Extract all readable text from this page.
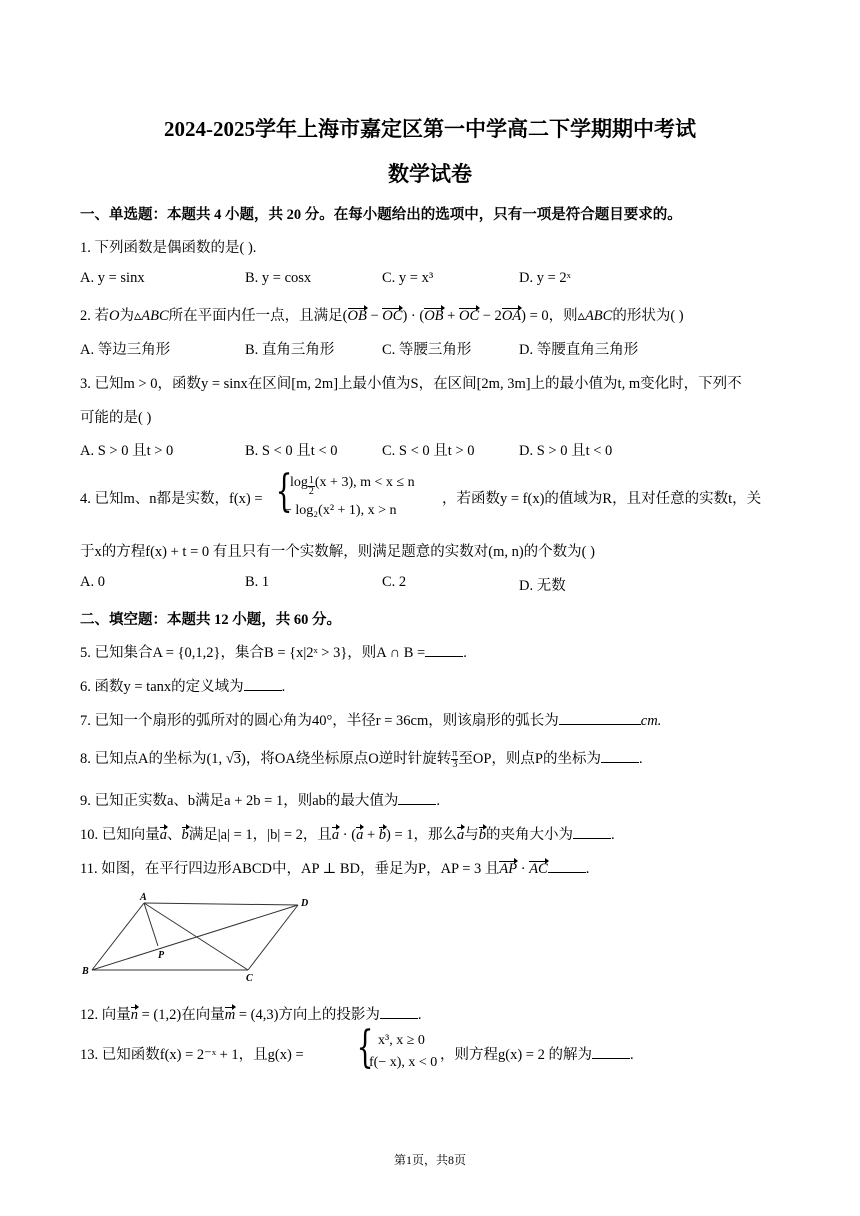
2024-2025学年上海市嘉定区第一中学高二下学期期中考试
数学试卷
一、单选题：本题共 4 小题，共 20 分。在每小题给出的选项中，只有一项是符合题目要求的。
1. 下列函数是偶函数的是( ).
A. y = sinx	B. y = cosx	C. y = x³	D. y = 2ˣ
2. 若O为▵ABC所在平面内任一点，且满足(OB − OC) · (OB + OC − 2OA) = 0，则▵ABC的形状为( )
A. 等边三角形	B. 直角三角形	C. 等腰三角形	D. 等腰直角三角形
3. 已知m > 0，函数y = sinx在区间[m, 2m]上最小值为S，在区间[2m, 3m]上的最小值为t, m变化时，下列不
可能的是( )
A. S > 0 且t > 0	B. S < 0 且t < 0	C. S < 0 且t > 0	D. S > 0 且t < 0
4. 已知m、n都是实数，f(x) = {
$\log \frac{1}{2} (x + 3)$, m < x ≤ n
− log₂(x² + 1), x > n
，若函数y = f(x)的值域为R，且对任意的实数t，关
于x的方程f(x) + t = 0 有且只有一个实数解，则满足题意的实数对(m, n)的个数为( )
A. 0	B. 1	C. 2	D. 无数
二、填空题：本题共 12 小题，共 60 分。
5. 已知集合A = {0,1,2}，集合B = {x|2ˣ > 3}，则A ∩ B =	.
6. 函数y = tanx的定义域为	.
7. 已知一个扇形的弧所对的圆心角为40°，半径r = 36cm，则该扇形的弧长为	cm.
8. 已知点A的坐标为(1, √3)，将OA绕坐标原点O逆时针旋转 $\frac{\pi}{3}$ 至OP，则点P的坐标为	.
9. 已知正实数a、b满足a + 2b = 1，则ab的最大值为	.
10. 已知向量a、b满足|a| = 1，|b| = 2，且a · (a + b) = 1，那么a与b的夹角大小为	.
11. 如图，在平行四边形ABCD中，AP ⊥ BD，垂足为P，AP = 3 且AP · AC	.
A
D
B
C
P
12. 向量n = (1,2)在向量m = (4,3)方向上的投影为	.
13. 已知函数f(x) = 2⁻ˣ + 1，且g(x) = { x³, x ≥ 0
f(− x), x < 0 ，则方程g(x) = 2 的解为	.
第1页，共8页
